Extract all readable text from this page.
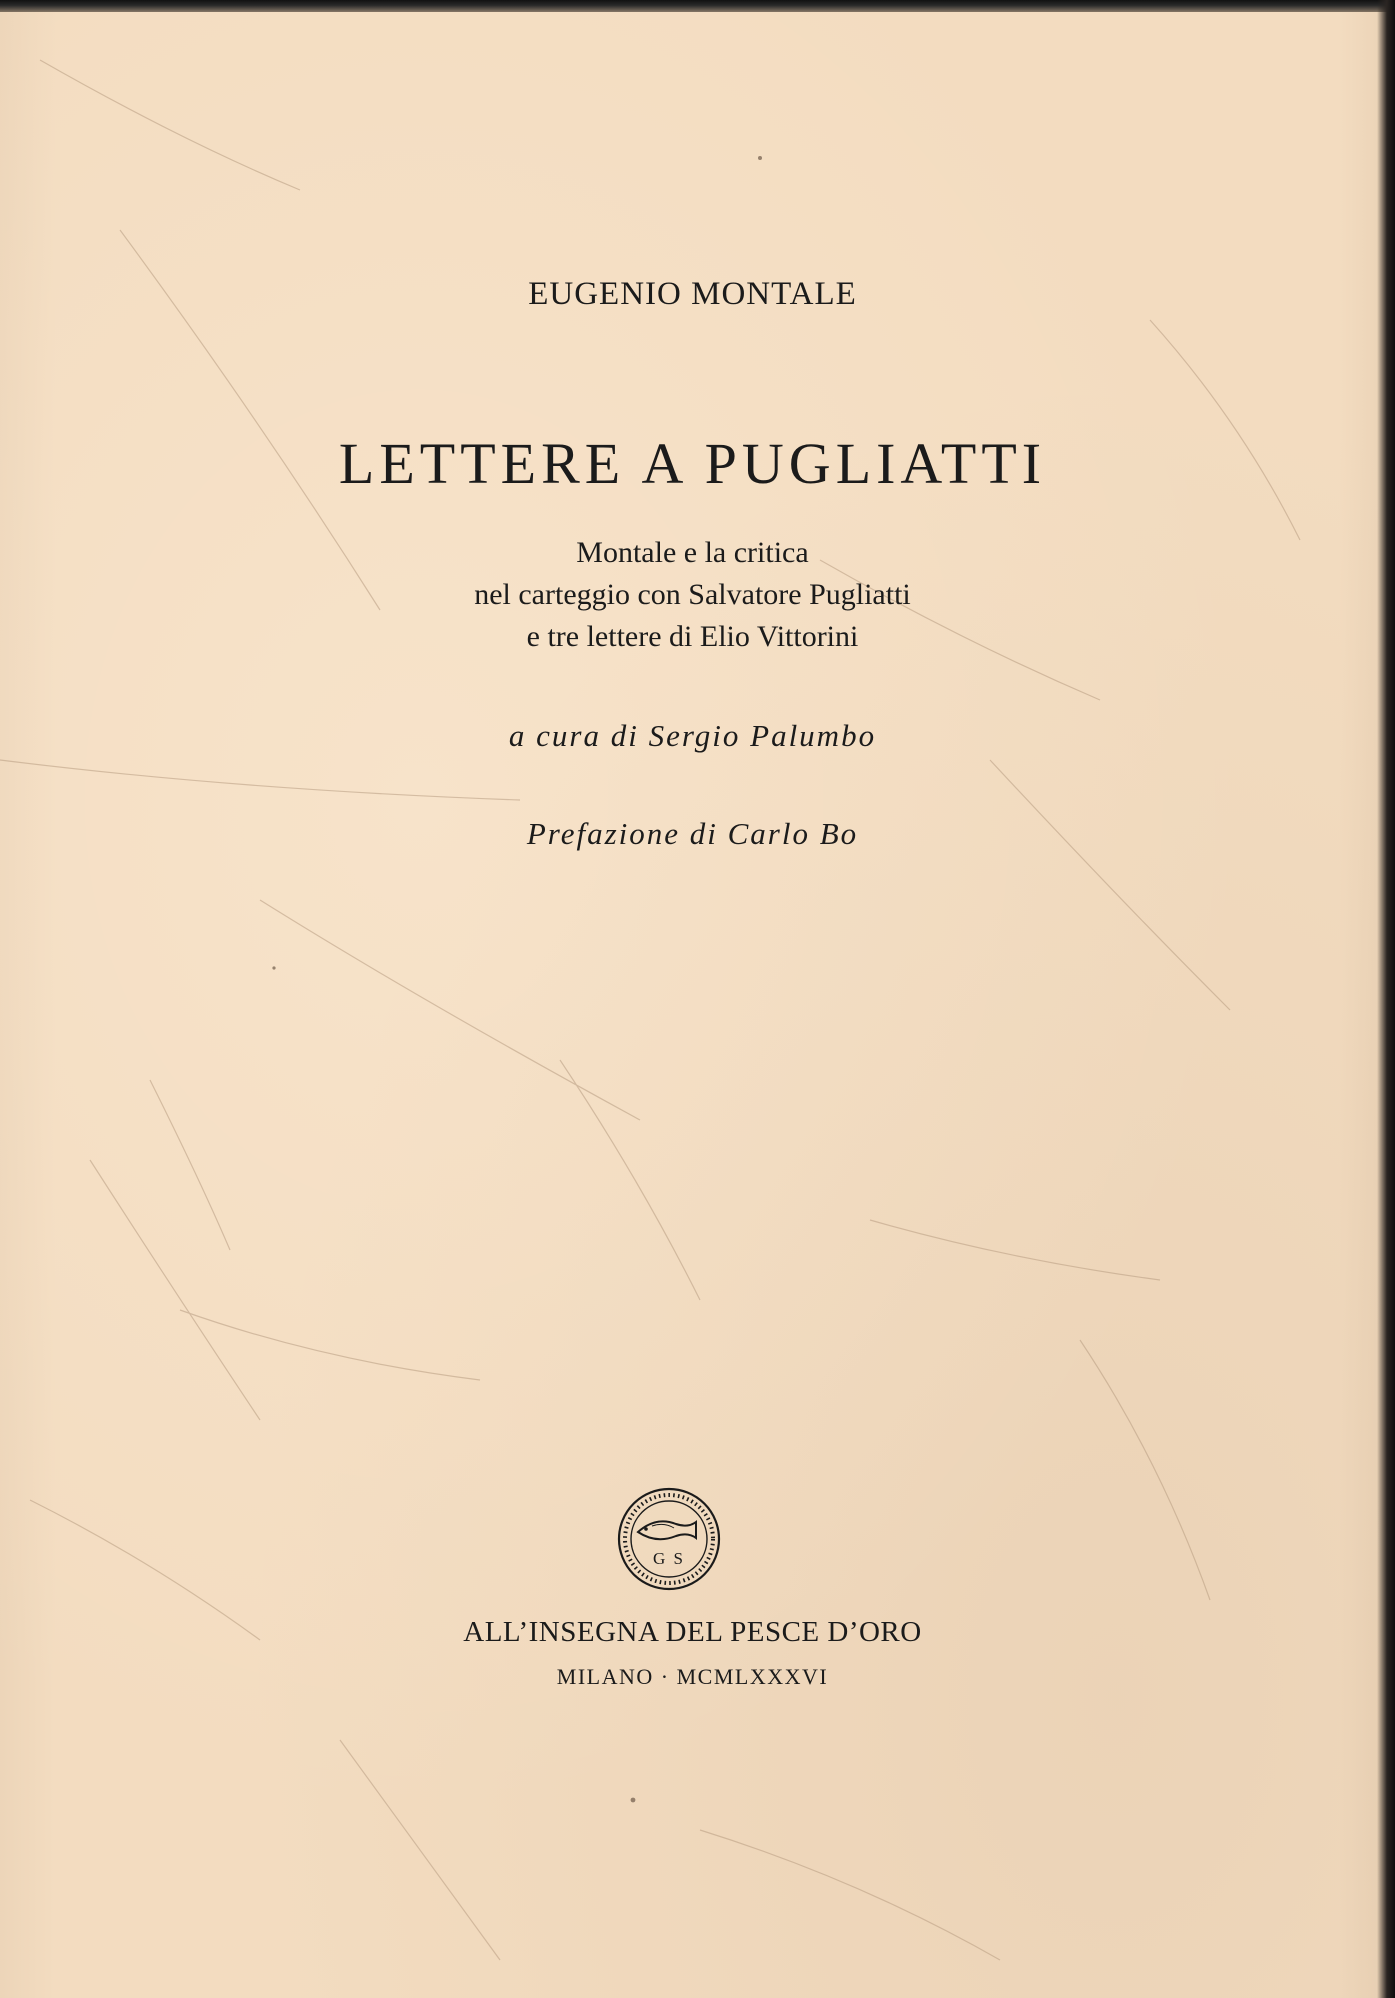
EUGENIO MONTALE
LETTERE A PUGLIATTI
Montale e la critica
nel carteggio con Salvatore Pugliatti
e tre lettere di Elio Vittorini
a cura di Sergio Palumbo
Prefazione di Carlo Bo
G S
ALL’INSEGNA DEL PESCE D’ORO
MILANO · MCMLXXXVI
